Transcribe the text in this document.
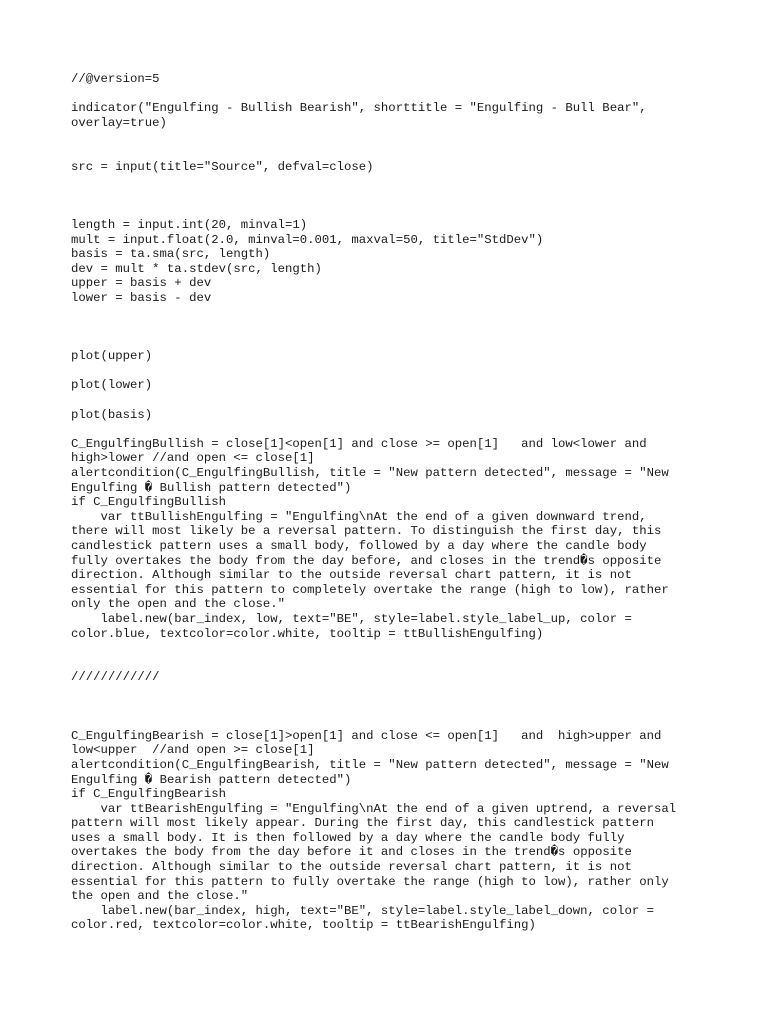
//@version=5
indicator("Engulfing - Bullish Bearish", shorttitle = "Engulfing - Bull Bear",
overlay=true)
src = input(title="Source", defval=close)
length = input.int(20, minval=1)
mult = input.float(2.0, minval=0.001, maxval=50, title="StdDev")
basis = ta.sma(src, length)
dev = mult * ta.stdev(src, length)
upper = basis + dev
lower = basis - dev
plot(upper)
plot(lower)
plot(basis)
C_EngulfingBullish = close[1]<open[1] and close >= open[1]   and low<lower and
high>lower //and open <= close[1]
alertcondition(C_EngulfingBullish, title = "New pattern detected", message = "New
Engulfing � Bullish pattern detected")
if C_EngulfingBullish
var ttBullishEngulfing = "Engulfing\nAt the end of a given downward trend,
there will most likely be a reversal pattern. To distinguish the first day, this
candlestick pattern uses a small body, followed by a day where the candle body
fully overtakes the body from the day before, and closes in the trend�s opposite
direction. Although similar to the outside reversal chart pattern, it is not
essential for this pattern to completely overtake the range (high to low), rather
only the open and the close."
label.new(bar_index, low, text="BE", style=label.style_label_up, color =
color.blue, textcolor=color.white, tooltip = ttBullishEngulfing)
////////////
C_EngulfingBearish = close[1]>open[1] and close <= open[1]   and  high>upper and
low<upper  //and open >= close[1]
alertcondition(C_EngulfingBearish, title = "New pattern detected", message = "New
Engulfing � Bearish pattern detected")
if C_EngulfingBearish
var ttBearishEngulfing = "Engulfing\nAt the end of a given uptrend, a reversal
pattern will most likely appear. During the first day, this candlestick pattern
uses a small body. It is then followed by a day where the candle body fully
overtakes the body from the day before it and closes in the trend�s opposite
direction. Although similar to the outside reversal chart pattern, it is not
essential for this pattern to fully overtake the range (high to low), rather only
the open and the close."
label.new(bar_index, high, text="BE", style=label.style_label_down, color =
color.red, textcolor=color.white, tooltip = ttBearishEngulfing)
